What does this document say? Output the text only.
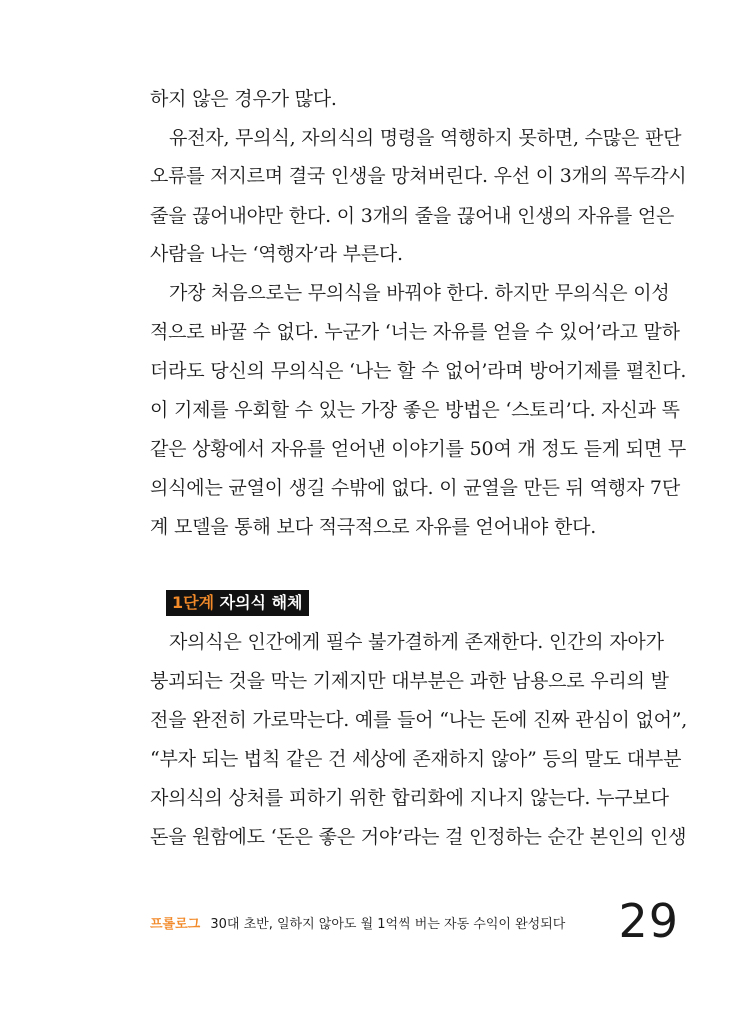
하지 않은 경우가 많다.
유전자, 무의식, 자의식의 명령을 역행하지 못하면, 수많은 판단
오류를 저지르며 결국 인생을 망쳐버린다. 우선 이 3개의 꼭두각시
줄을 끊어내야만 한다. 이 3개의 줄을 끊어내 인생의 자유를 얻은
사람을 나는 ‘역행자’라 부른다.
가장 처음으로는 무의식을 바꿔야 한다. 하지만 무의식은 이성
적으로 바꿀 수 없다. 누군가 ‘너는 자유를 얻을 수 있어’라고 말하
더라도 당신의 무의식은 ‘나는 할 수 없어’라며 방어기제를 펼친다.
이 기제를 우회할 수 있는 가장 좋은 방법은 ‘스토리’다. 자신과 똑
같은 상황에서 자유를 얻어낸 이야기를 50여 개 정도 듣게 되면 무
의식에는 균열이 생길 수밖에 없다. 이 균열을 만든 뒤 역행자 7단
계 모델을 통해 보다 적극적으로 자유를 얻어내야 한다.
1단계 자의식 해체
자의식은 인간에게 필수 불가결하게 존재한다. 인간의 자아가
붕괴되는 것을 막는 기제지만 대부분은 과한 남용으로 우리의 발
전을 완전히 가로막는다. 예를 들어 “나는 돈에 진짜 관심이 없어”,
“부자 되는 법칙 같은 건 세상에 존재하지 않아” 등의 말도 대부분
자의식의 상처를 피하기 위한 합리화에 지나지 않는다. 누구보다
돈을 원함에도 ‘돈은 좋은 거야’라는 걸 인정하는 순간 본인의 인생
프롤로그 30대 초반, 일하지 않아도 월 1억씩 버는 자동 수익이 완성되다 29
